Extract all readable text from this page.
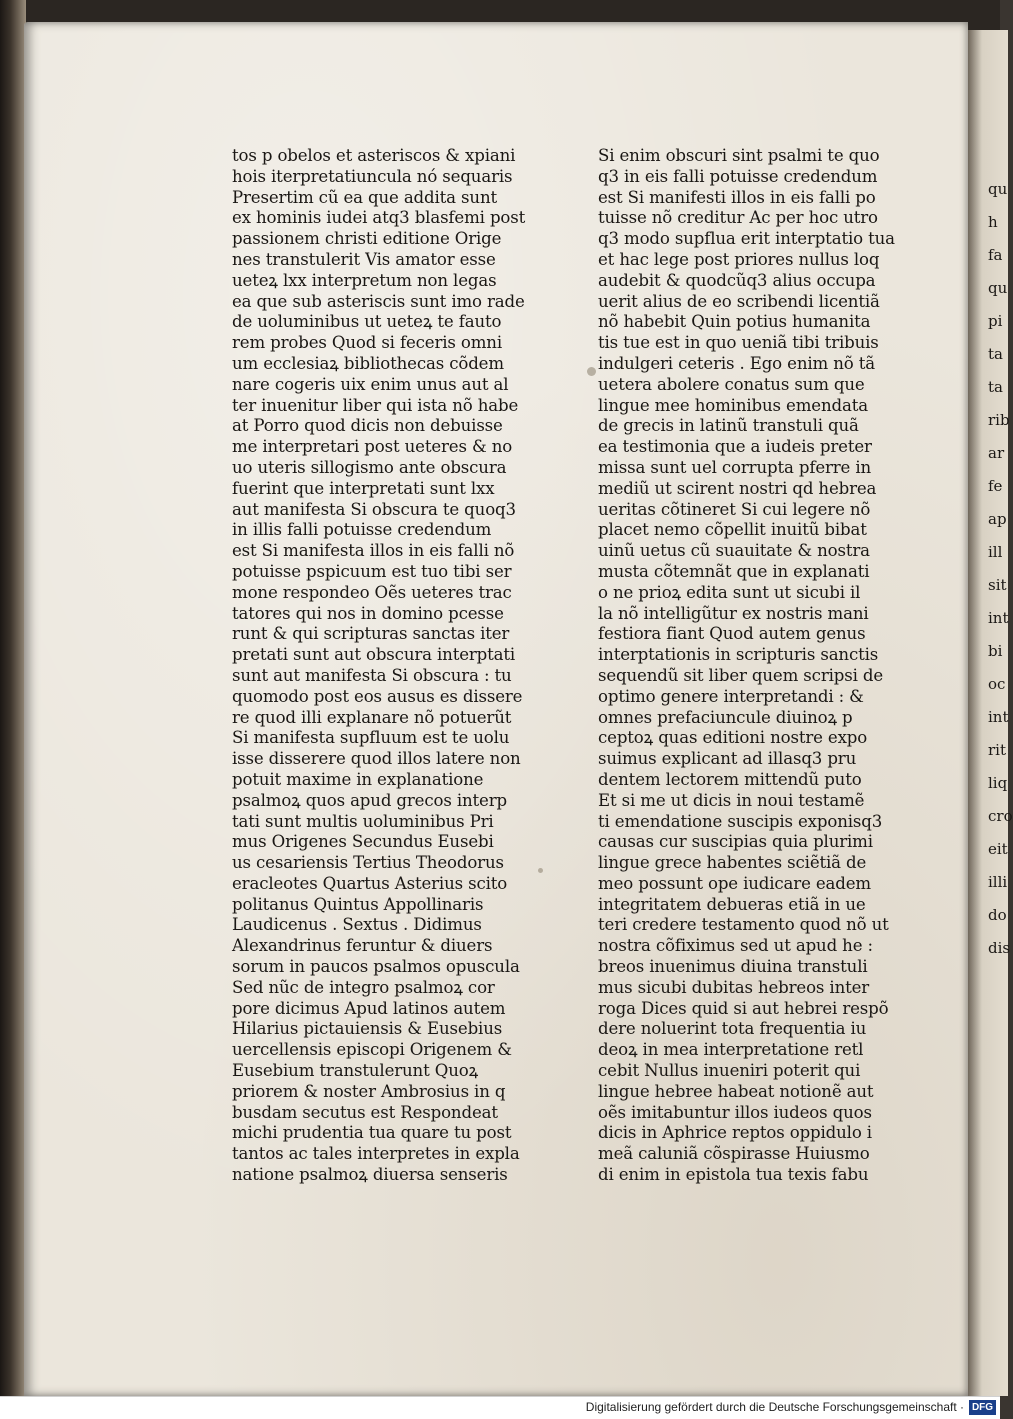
tos p obelos et asteriscos & xpiani
hois iterpretatiuncula nó sequaris
Presertim cũ ea que addita sunt
ex hominis iudei atq3 blasfemi post
passionem christi editione Orige
nes transtulerit Vis amator esse
ueteꝝ lxx interpretum non legas
ea que sub asteriscis sunt imo rade
de uoluminibus ut ueteꝝ te fauto
rem probes Quod si feceris omni
um ecclesiaꝝ bibliothecas cõdem
nare cogeris uix enim unus aut al
ter inuenitur liber qui ista nõ habe
at Porro quod dicis non debuisse
me interpretari post ueteres & no
uo uteris sillogismo ante obscura
fuerint que interpretati sunt lxx
aut manifesta Si obscura te quoq3
in illis falli potuisse credendum
est Si manifesta illos in eis falli nõ
potuisse pspicuum est tuo tibi ser
mone respondeo Oẽs ueteres trac
tatores qui nos in domino pcesse
runt & qui scripturas sanctas iter
pretati sunt aut obscura interptati
sunt aut manifesta Si obscura : tu
quomodo post eos ausus es dissere
re quod illi explanare nõ potuerũt
Si manifesta supfluum est te uolu
isse disserere quod illos latere non
potuit maxime in explanatione
psalmoꝝ quos apud grecos interp
tati sunt multis uoluminibus Pri
mus Origenes Secundus Eusebi
us cesariensis Tertius Theodorus
eracleotes Quartus Asterius scito
politanus Quintus Appollinaris
Laudicenus . Sextus . Didimus
Alexandrinus feruntur & diuers
sorum in paucos psalmos opuscula
Sed nũc de integro psalmoꝝ cor
pore dicimus Apud latinos autem
Hilarius pictauiensis & Eusebius
uercellensis episcopi Origenem &
Eusebium transtulerunt Quoꝝ
priorem & noster Ambrosius in q
busdam secutus est Respondeat
michi prudentia tua quare tu post
tantos ac tales interpretes in expla
natione psalmoꝝ diuersa senseris
Si enim obscuri sint psalmi te quo
q3 in eis falli potuisse credendum
est Si manifesti illos in eis falli po
tuisse nõ creditur Ac per hoc utro
q3 modo supflua erit interptatio tua
et hac lege post priores nullus loq
audebit & quodcũq3 alius occupa
uerit alius de eo scribendi licentiã
nõ habebit Quin potius humanita
tis tue est in quo ueniã tibi tribuis
indulgeri ceteris . Ego enim nõ tã
uetera abolere conatus sum que
lingue mee hominibus emendata
de grecis in latinũ transtuli quã
ea testimonia que a iudeis preter
missa sunt uel corrupta pferre in
mediũ ut scirent nostri qd hebrea
ueritas cõtineret Si cui legere nõ
placet nemo cõpellit inuitũ bibat
uinũ uetus cũ suauitate & nostra
musta cõtemnãt que in explanati
o ne prioꝝ edita sunt ut sicubi il
la nõ intelligũtur ex nostris mani
festiora fiant Quod autem genus
interptationis in scripturis sanctis
sequendũ sit liber quem scripsi de
optimo genere interpretandi : &
omnes prefaciuncule diuinoꝝ p
ceptoꝝ quas editioni nostre expo
suimus explicant ad illasq3 pru
dentem lectorem mittendũ puto
Et si me ut dicis in noui testamẽ
ti emendatione suscipis exponisq3
causas cur suscipias quia plurimi
lingue grece habentes sciẽtiã de
meo possunt ope iudicare eadem
integritatem debueras etiã in ue
teri credere testamento quod nõ ut
nostra cõfiximus sed ut apud he :
breos inuenimus diuina transtuli
mus sicubi dubitas hebreos inter
roga Dices quid si aut hebrei respõ
dere noluerint tota frequentia iu
deoꝝ in mea interpretatione retl
cebit Nullus inueniri poterit qui
lingue hebree habeat notionẽ aut
oẽs imitabuntur illos iudeos quos
dicis in Aphrice reptos oppidulo i
meã caluniã cõspirasse Huiusmo
di enim in epistola tua texis fabu
qu
h
fa
qu
pi
ta
ta
rib
ar
fe
ap
ill
sit
int
bi
oc
int
rit
liq
cro
eit
illi
do
dis
Digitalisierung gefördert durch die Deutsche Forschungsgemeinschaft · DFG
